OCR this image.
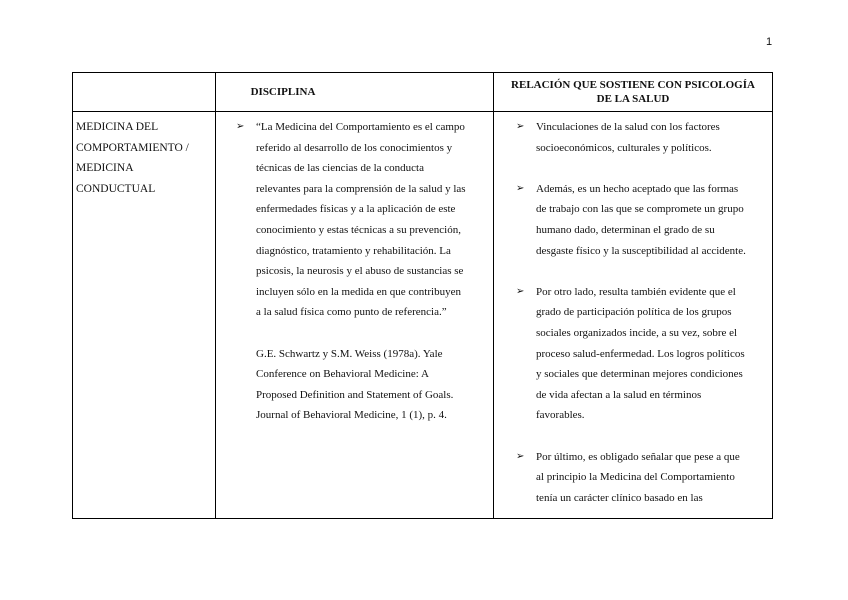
1
DISCIPLINA
RELACIÓN QUE SOSTIENE CON PSICOLOGÍA
DE LA SALUD
MEDICINA DEL
COMPORTAMIENTO /
MEDICINA
CONDUCTUAL
➢ “La Medicina del Comportamiento es el campo
referido al desarrollo de los conocimientos y
técnicas de las ciencias de la conducta
relevantes para la comprensión de la salud y las
enfermedades físicas y a la aplicación de este
conocimiento y estas técnicas a su prevención,
diagnóstico, tratamiento y rehabilitación. La
psicosis, la neurosis y el abuso de sustancias se
incluyen sólo en la medida en que contribuyen
a la salud física como punto de referencia.”
G.E. Schwartz y S.M. Weiss (1978a). Yale
Conference on Behavioral Medicine: A
Proposed Definition and Statement of Goals.
Journal of Behavioral Medicine, 1 (1), p. 4.
➢ Vinculaciones de la salud con los factores
socioeconómicos, culturales y políticos.
➢ Además, es un hecho aceptado que las formas
de trabajo con las que se compromete un grupo
humano dado, determinan el grado de su
desgaste físico y la susceptibilidad al accidente.
➢ Por otro lado, resulta también evidente que el
grado de participación política de los grupos
sociales organizados incide, a su vez, sobre el
proceso salud-enfermedad. Los logros políticos
y sociales que determinan mejores condiciones
de vida afectan a la salud en términos
favorables.
➢ Por último, es obligado señalar que pese a que
al principio la Medicina del Comportamiento
tenía un carácter clínico basado en las
